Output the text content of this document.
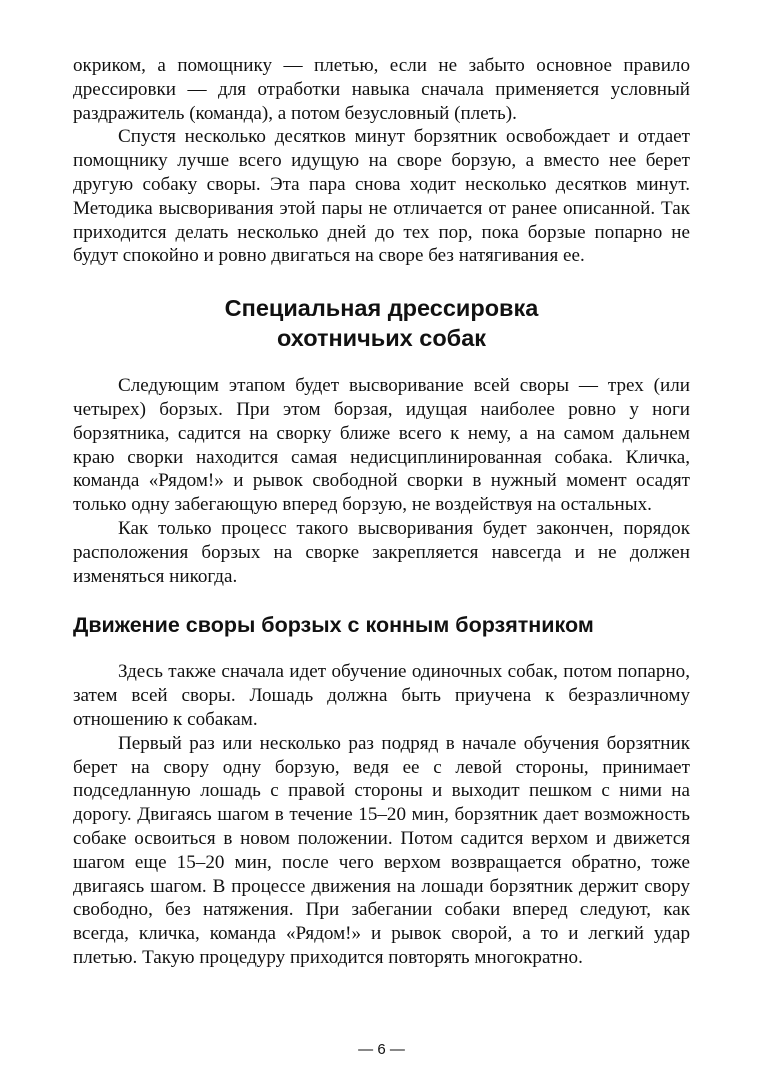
окриком, а помощнику — плетью, если не забыто основное правило дрессировки — для отработки навыка сначала применяется условный раздражитель (команда), а потом безусловный (плеть).

Спустя несколько десятков минут борзятник освобождает и отдает помощнику лучше всего идущую на своре борзую, а вместо нее берет другую собаку своры. Эта пара снова ходит несколько десятков минут. Методика высворивания этой пары не отличается от ранее описанной. Так приходится делать несколько дней до тех пор, пока борзые попарно не будут спокойно и ровно двигаться на своре без натягивания ее.

Специальная дрессировка
охотничьих собак

Следующим этапом будет высворивание всей своры — трех (или четырех) борзых. При этом борзая, идущая наиболее ровно у ноги борзятника, садится на сворку ближе всего к нему, а на самом дальнем краю сворки находится самая недисциплинированная собака. Кличка, команда «Рядом!» и рывок свободной сворки в нужный момент осадят только одну забегающую вперед борзую, не воздействуя на остальных.

Как только процесс такого высворивания будет закончен, порядок расположения борзых на сворке закрепляется навсегда и не должен изменяться никогда.

Движение своры борзых с конным борзятником

Здесь также сначала идет обучение одиночных собак, потом попарно, затем всей своры. Лошадь должна быть приучена к безразличному отношению к собакам.

Первый раз или несколько раз подряд в начале обучения борзятник берет на свору одну борзую, ведя ее с левой стороны, принимает подседланную лошадь с правой стороны и выходит пешком с ними на дорогу. Двигаясь шагом в течение 15–20 мин, борзятник дает возможность собаке освоиться в новом положении. Потом садится верхом и движется шагом еще 15–20 мин, после чего верхом возвращается обратно, тоже двигаясь шагом. В процессе движения на лошади борзятник держит свору свободно, без натяжения. При забегании собаки вперед следуют, как всегда, кличка, команда «Рядом!» и рывок сворой, а то и легкий удар плетью. Такую процедуру приходится повторять многократно.

— 6 —
